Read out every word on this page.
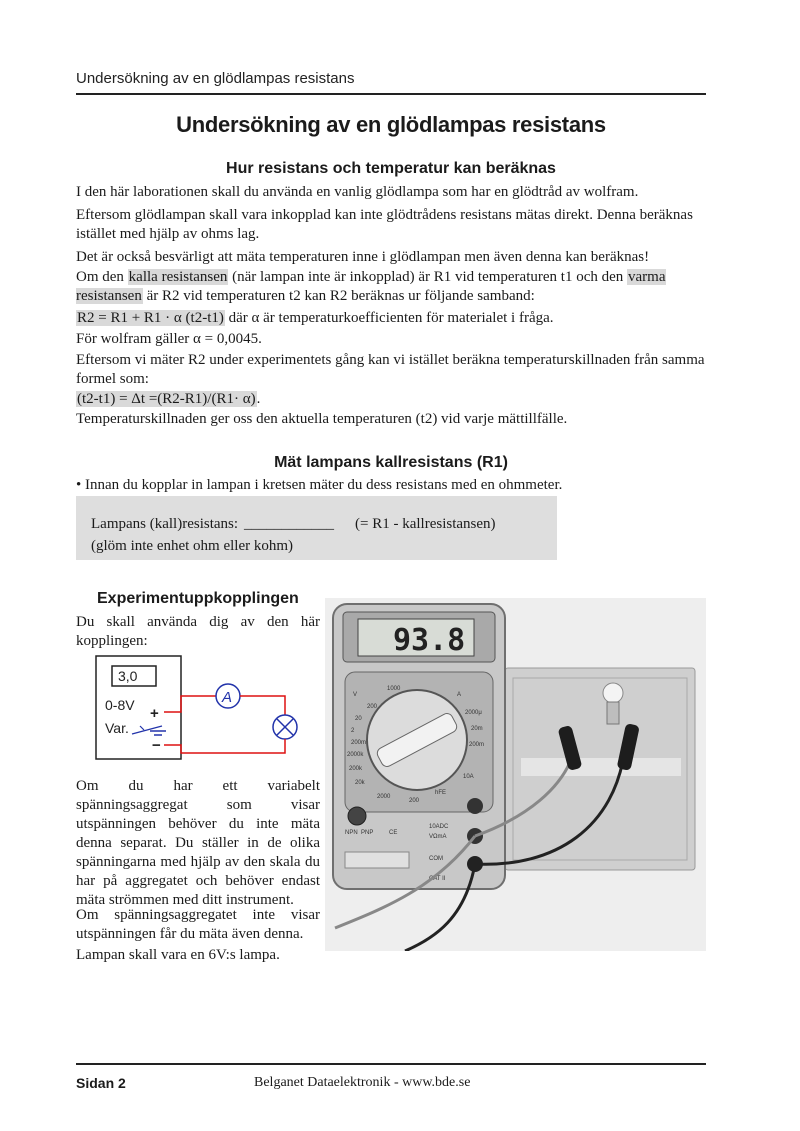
Undersökning av en glödlampas resistans
Undersökning av en glödlampas resistans
Hur resistans och temperatur kan beräknas
I den här laborationen skall du använda en vanlig glödlampa som har en glödtråd av wolfram.
Eftersom glödlampan skall vara inkopplad kan inte glödtrådens resistans mätas direkt. Denna beräknas istället med hjälp av ohms lag.
Det är också besvärligt att mäta temperaturen inne i glödlampan men även denna kan beräknas!
Om den kalla resistansen (när lampan inte är inkopplad) är R1 vid temperaturen t1 och den varma resistansen är R2 vid temperaturen t2 kan R2 beräknas ur följande samband:
R2 = R1 + R1 · α (t2-t1) där α är temperaturkoefficienten för materialet i fråga.
För wolfram gäller α = 0,0045.
Eftersom vi mäter R2 under experimentets gång kan vi istället beräkna temperaturskillnaden från samma formel som:
(t2-t1) = Δt =(R2-R1)/(R1· α).
Temperaturskillnaden ger oss den aktuella temperaturen (t2) vid varje mättillfälle.
Mät lampans kallresistans (R1)
• Innan du kopplar in lampan i kretsen mäter du dess resistans med en ohmmeter.
Lampans (kall)resistans: ____________ (= R1 - kallresistansen)
(glöm inte enhet ohm eller kohm)
Experimentuppkopplingen
Du skall använda dig av den här kopplingen:
3,0
0-8V
Var.
+
−
A
Om du har ett variabelt spänningsaggregat som visar utspänningen behöver du inte mäta denna separat. Du ställer in de olika spänningarna med hjälp av den skala du har på aggregatet och behöver endast mäta strömmen med ditt instrument.
Om spänningsaggregatet inte visar utspänningen får du mäta även denna.
Lampan skall vara en 6V:s lampa.
93.8
V
1000
200
20
2
200m
2000k
200k
20k
2000
200
2000μ
20m
200m
10A
A
hFE
NPN PNP	CE
10ADC
VΩmA
COM
CAT II
Sidan 2	Belganet Dataelektronik - www.bde.se
